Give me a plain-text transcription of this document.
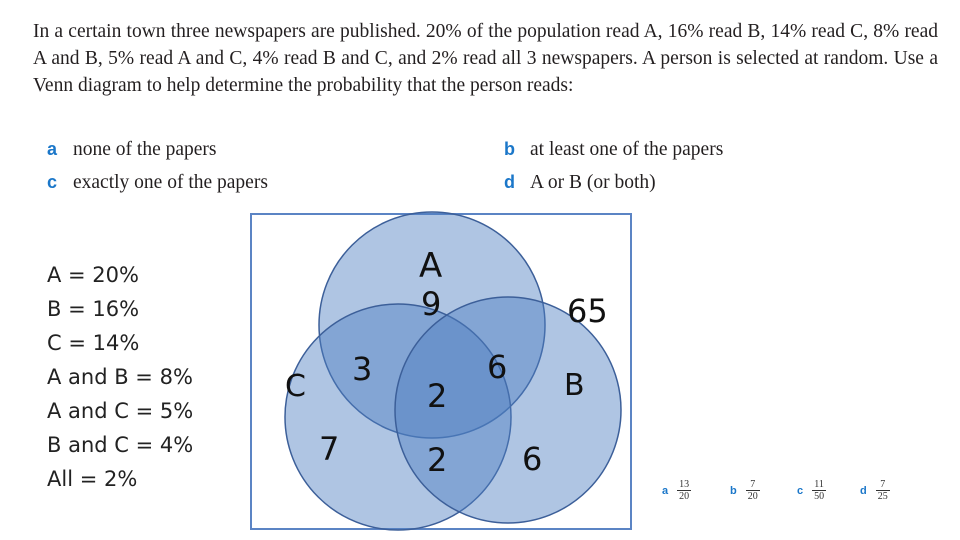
In a certain town three newspapers are published. 20% of the population read A, 16% read B, 14% read C, 8% read A and B, 5% read A and C, 4% read B and C, and 2% read all 3 newspapers. A person is selected at random. Use a Venn diagram to help determine the probability that the person reads:

a none of the papers	b at least one of the papers
c exactly one of the papers	d A or B (or both)
A = 20%
B = 16%
C = 14%
A and B = 8%
A and C = 5%
B and C = 4%
All = 2%
A
B
C
9	65
3	6
2
2
7	6
a $\frac{13}{20}$	b $\frac{7}{20}$	c $\frac{11}{50}$	d $\frac{7}{25}$
